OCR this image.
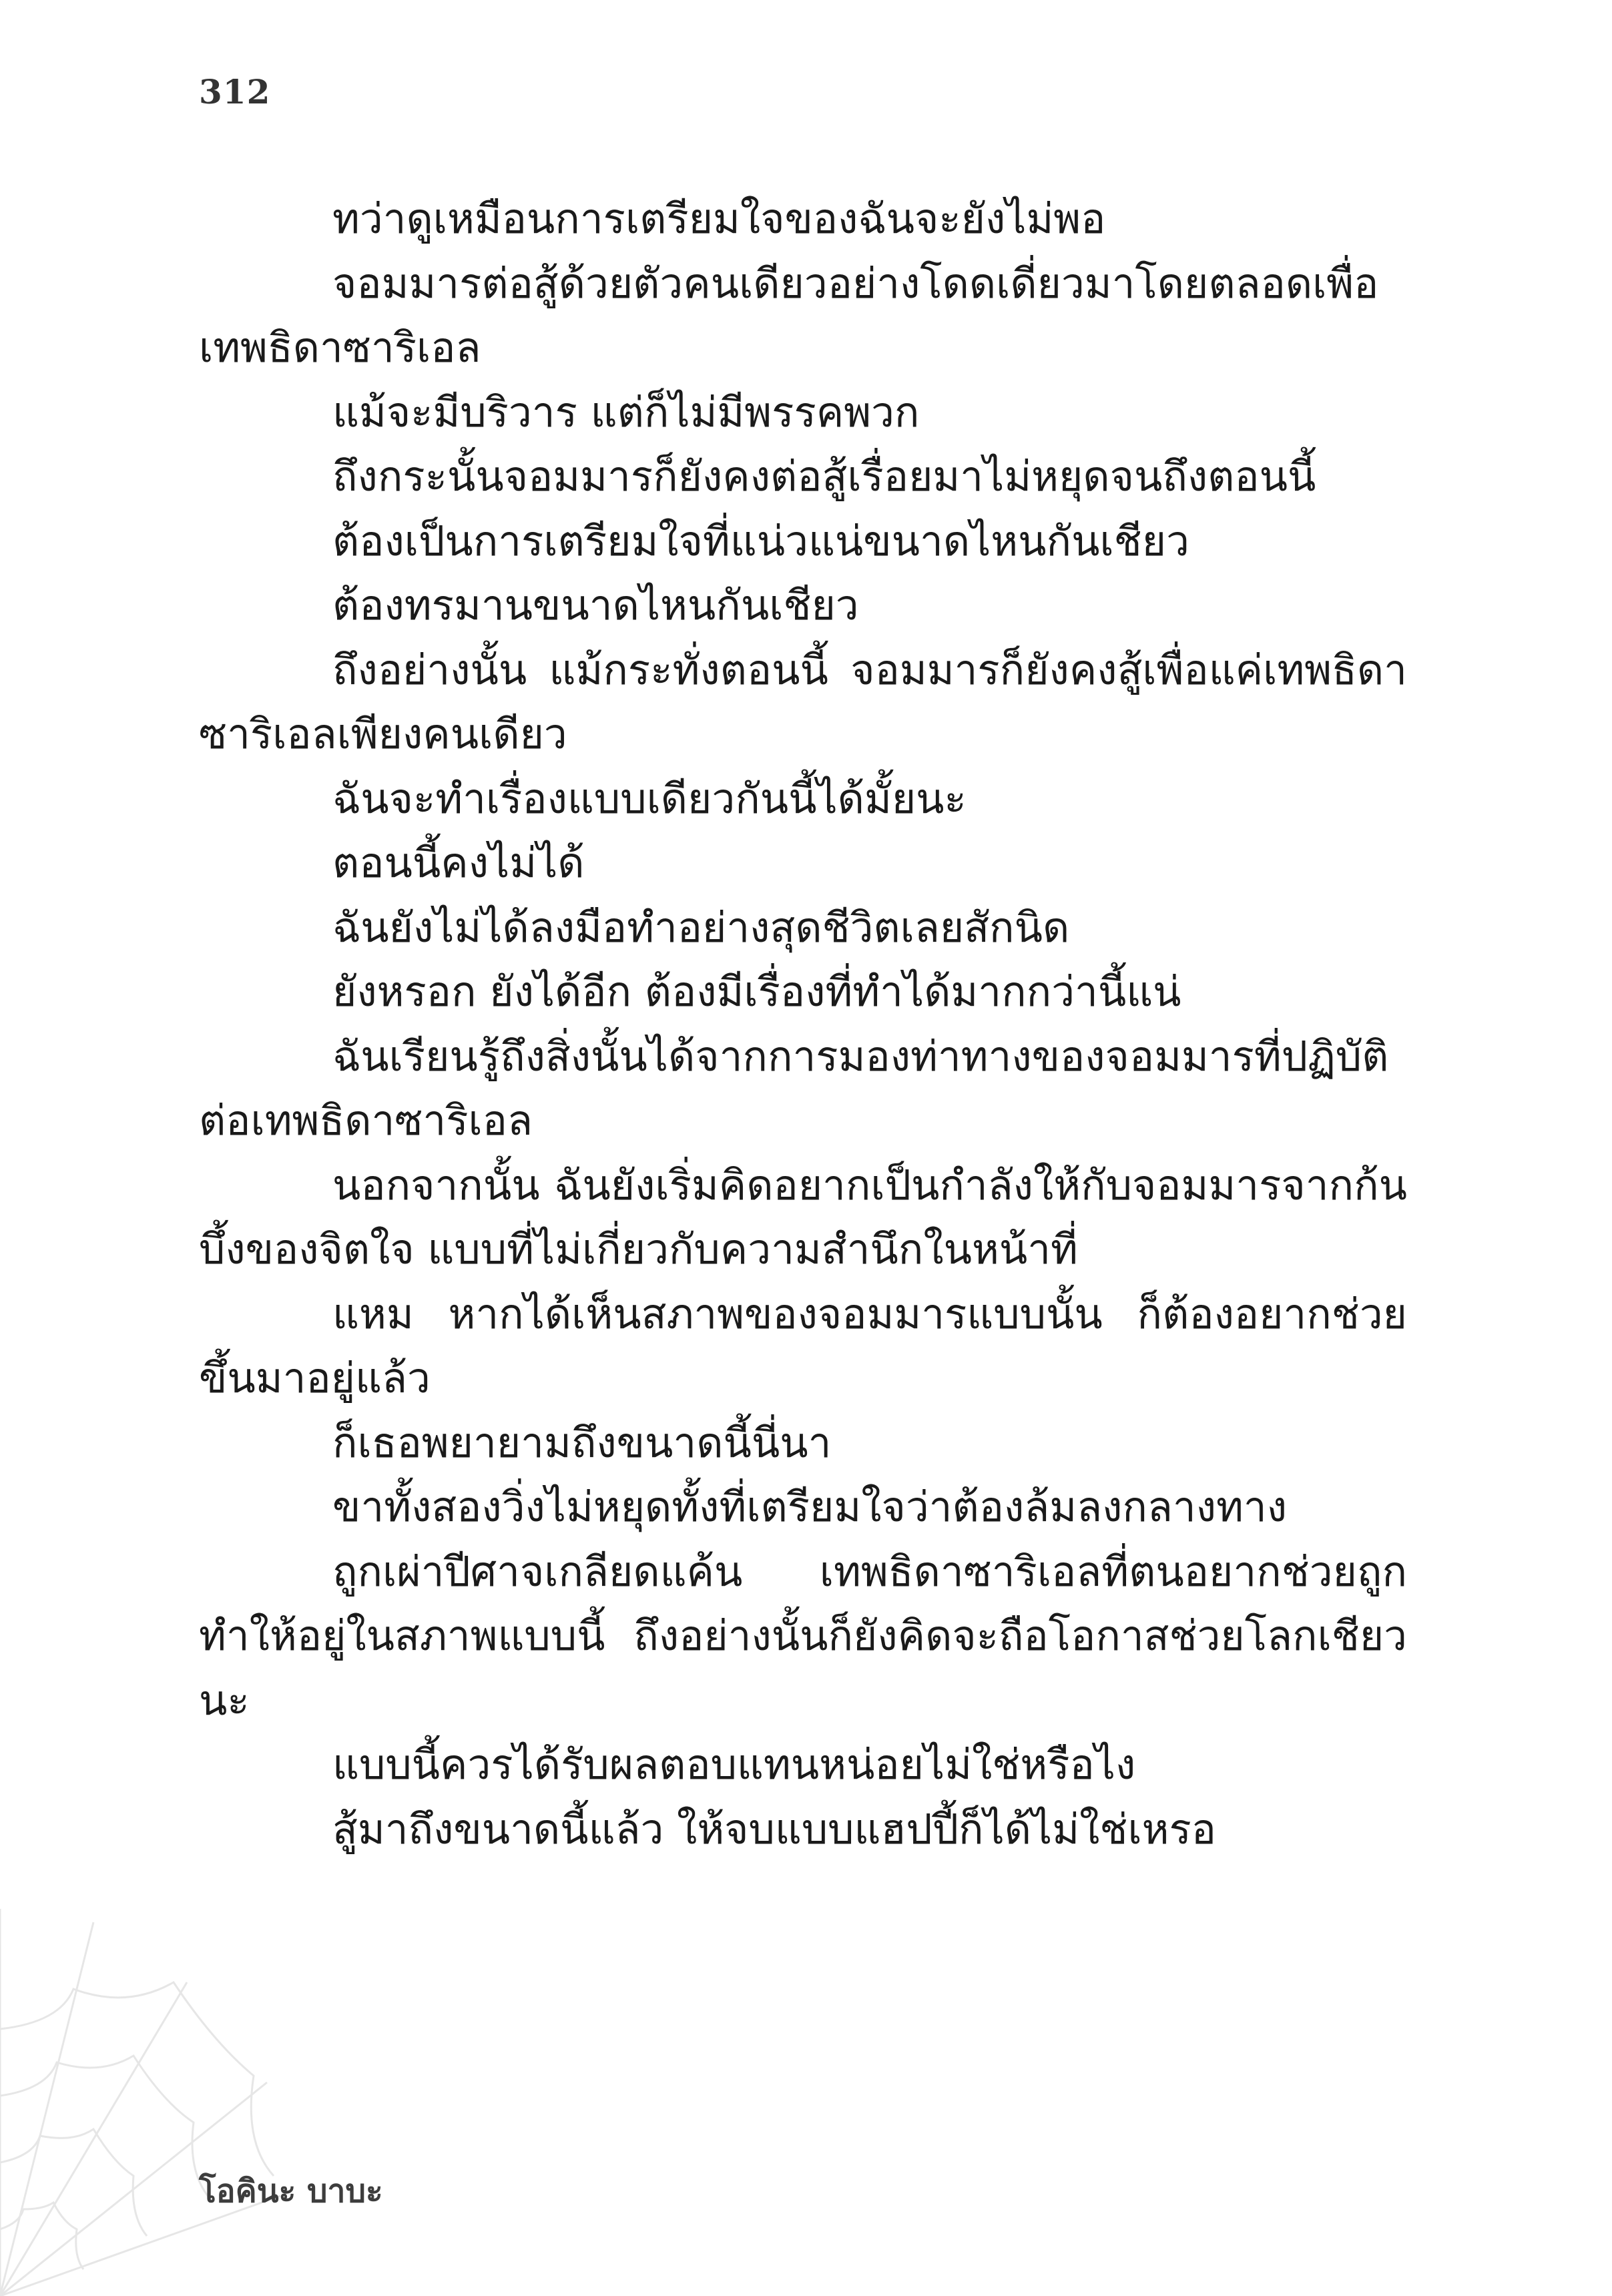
312

ทว่าดูเหมือนการเตรียมใจของฉันจะยังไม่พอ

จอมมารต่อสู้ด้วยตัวคนเดียวอย่างโดดเดี่ยวมาโดยตลอดเพื่อเทพธิดาซาริเอล

แม้จะมีบริวาร แต่ก็ไม่มีพรรคพวก

ถึงกระนั้นจอมมารก็ยังคงต่อสู้เรื่อยมาไม่หยุดจนถึงตอนนี้

ต้องเป็นการเตรียมใจที่แน่วแน่ขนาดไหนกันเชียว

ต้องทรมานขนาดไหนกันเชียว

ถึงอย่างนั้น แม้กระทั่งตอนนี้ จอมมารก็ยังคงสู้เพื่อแค่เทพธิดาซาริเอลเพียงคนเดียว

ฉันจะทำเรื่องแบบเดียวกันนี้ได้มั้ยนะ

ตอนนี้คงไม่ได้

ฉันยังไม่ได้ลงมือทำอย่างสุดชีวิตเลยสักนิด

ยังหรอก ยังได้อีก ต้องมีเรื่องที่ทำได้มากกว่านี้แน่

ฉันเรียนรู้ถึงสิ่งนั้นได้จากการมองท่าทางของจอมมารที่ปฏิบัติต่อเทพธิดาซาริเอล

นอกจากนั้น ฉันยังเริ่มคิดอยากเป็นกำลังให้กับจอมมารจากก้นบึ้งของจิตใจ แบบที่ไม่เกี่ยวกับความสำนึกในหน้าที่

แหม หากได้เห็นสภาพของจอมมารแบบนั้น ก็ต้องอยากช่วยขึ้นมาอยู่แล้ว

ก็เธอพยายามถึงขนาดนี้นี่นา

ขาทั้งสองวิ่งไม่หยุดทั้งที่เตรียมใจว่าต้องล้มลงกลางทาง

ถูกเผ่าปีศาจเกลียดแค้น เทพธิดาซาริเอลที่ตนอยากช่วยถูกทำให้อยู่ในสภาพแบบนี้ ถึงอย่างนั้นก็ยังคิดจะถือโอกาสช่วยโลกเชียวนะ

แบบนี้ควรได้รับผลตอบแทนหน่อยไม่ใช่หรือไง

สู้มาถึงขนาดนี้แล้ว ให้จบแบบแฮปปี้ก็ได้ไม่ใช่เหรอ

โอคินะ บาบะ
